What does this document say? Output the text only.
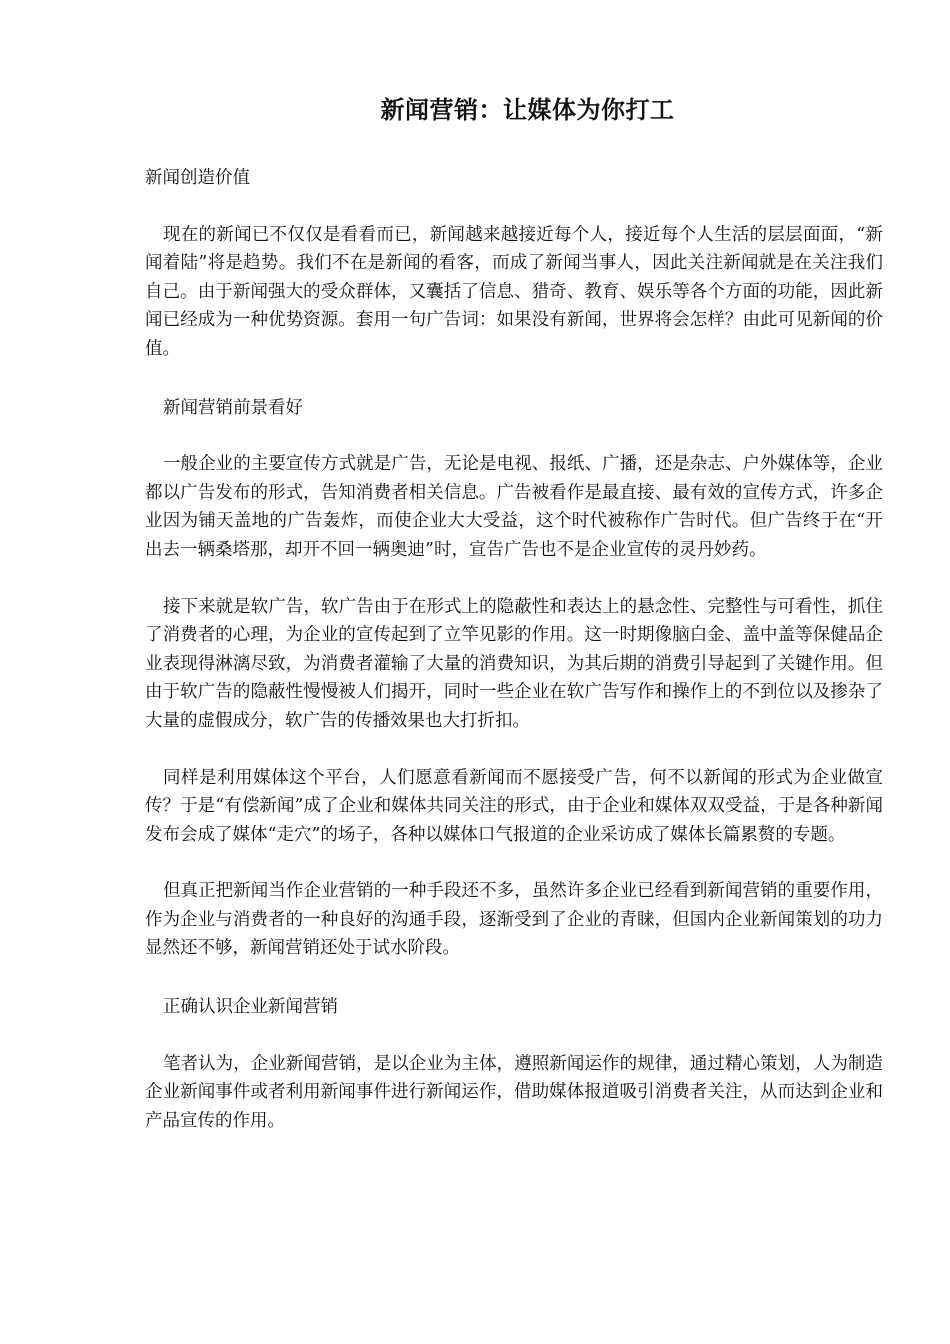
新闻营销：让媒体为你打工

新闻创造价值

现在的新闻已不仅仅是看看而已，新闻越来越接近每个人，接近每个人生活的层层面面，“新闻着陆”将是趋势。我们不在是新闻的看客，而成了新闻当事人，因此关注新闻就是在关注我们自己。由于新闻强大的受众群体，又囊括了信息、猎奇、教育、娱乐等各个方面的功能，因此新闻已经成为一种优势资源。套用一句广告词：如果没有新闻，世界将会怎样？由此可见新闻的价值。

新闻营销前景看好

一般企业的主要宣传方式就是广告，无论是电视、报纸、广播，还是杂志、户外媒体等，企业都以广告发布的形式，告知消费者相关信息。广告被看作是最直接、最有效的宣传方式，许多企业因为铺天盖地的广告轰炸，而使企业大大受益，这个时代被称作广告时代。但广告终于在“开出去一辆桑塔那，却开不回一辆奥迪”时，宣告广告也不是企业宣传的灵丹妙药。

接下来就是软广告，软广告由于在形式上的隐蔽性和表达上的悬念性、完整性与可看性，抓住了消费者的心理，为企业的宣传起到了立竿见影的作用。这一时期像脑白金、盖中盖等保健品企业表现得淋漓尽致，为消费者灌输了大量的消费知识，为其后期的消费引导起到了关键作用。但由于软广告的隐蔽性慢慢被人们揭开，同时一些企业在软广告写作和操作上的不到位以及掺杂了大量的虚假成分，软广告的传播效果也大打折扣。

同样是利用媒体这个平台，人们愿意看新闻而不愿接受广告，何不以新闻的形式为企业做宣传？于是“有偿新闻”成了企业和媒体共同关注的形式，由于企业和媒体双双受益，于是各种新闻发布会成了媒体“走穴”的场子，各种以媒体口气报道的企业采访成了媒体长篇累赘的专题。

但真正把新闻当作企业营销的一种手段还不多，虽然许多企业已经看到新闻营销的重要作用，作为企业与消费者的一种良好的沟通手段，逐渐受到了企业的青睐，但国内企业新闻策划的功力显然还不够，新闻营销还处于试水阶段。

正确认识企业新闻营销

笔者认为，企业新闻营销，是以企业为主体，遵照新闻运作的规律，通过精心策划，人为制造企业新闻事件或者利用新闻事件进行新闻运作，借助媒体报道吸引消费者关注，从而达到企业和产品宣传的作用。
